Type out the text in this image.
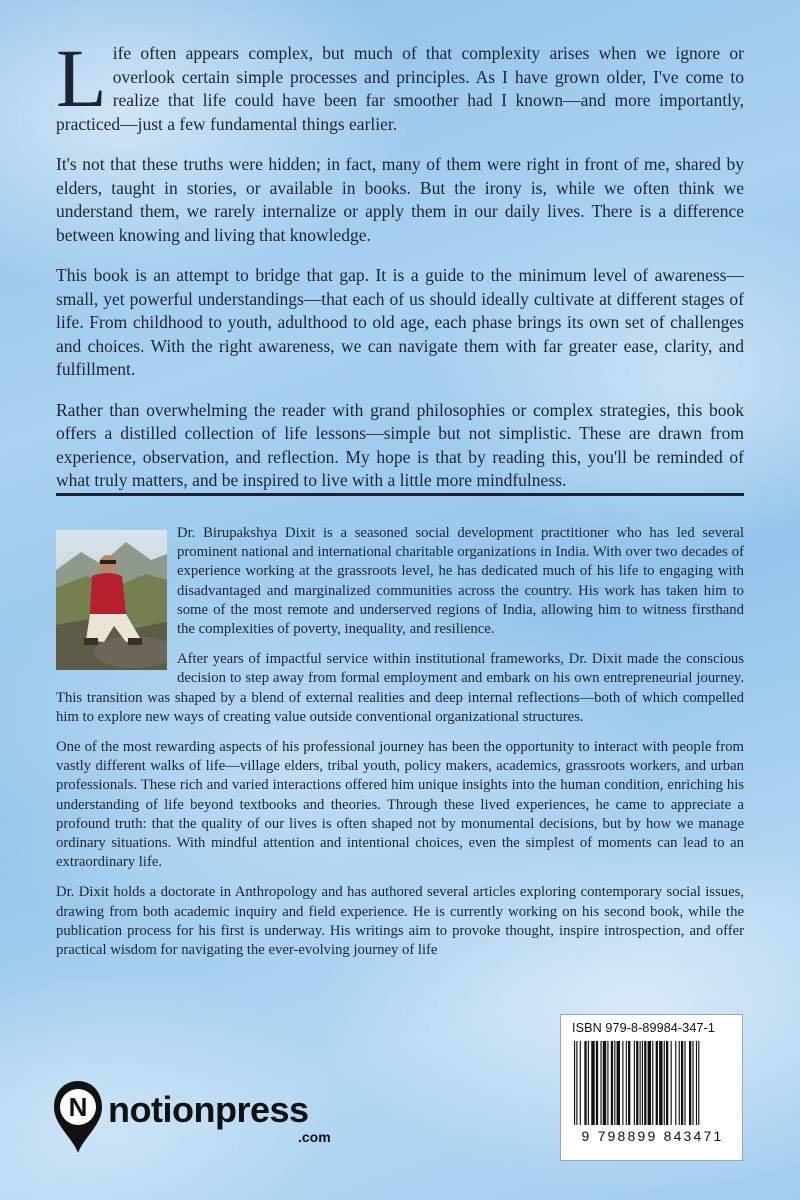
Life often appears complex, but much of that complexity arises when we ignore or overlook certain simple processes and principles. As I have grown older, I've come to realize that life could have been far smoother had I known—and more importantly, practiced—just a few fundamental things earlier.

It's not that these truths were hidden; in fact, many of them were right in front of me, shared by elders, taught in stories, or available in books. But the irony is, while we often think we understand them, we rarely internalize or apply them in our daily lives. There is a difference between knowing and living that knowledge.

This book is an attempt to bridge that gap. It is a guide to the minimum level of awareness—small, yet powerful understandings—that each of us should ideally cultivate at different stages of life. From childhood to youth, adulthood to old age, each phase brings its own set of challenges and choices. With the right awareness, we can navigate them with far greater ease, clarity, and fulfillment.

Rather than overwhelming the reader with grand philosophies or complex strategies, this book offers a distilled collection of life lessons—simple but not simplistic. These are drawn from experience, observation, and reflection. My hope is that by reading this, you'll be reminded of what truly matters, and be inspired to live with a little more mindfulness.

Dr. Birupakshya Dixit is a seasoned social development practitioner who has led several prominent national and international charitable organizations in India. With over two decades of experience working at the grassroots level, he has dedicated much of his life to engaging with disadvantaged and marginalized communities across the country. His work has taken him to some of the most remote and underserved regions of India, allowing him to witness firsthand the complexities of poverty, inequality, and resilience.

After years of impactful service within institutional frameworks, Dr. Dixit made the conscious decision to step away from formal employment and embark on his own entrepreneurial journey. This transition was shaped by a blend of external realities and deep internal reflections—both of which compelled him to explore new ways of creating value outside conventional organizational structures.

One of the most rewarding aspects of his professional journey has been the opportunity to interact with people from vastly different walks of life—village elders, tribal youth, policy makers, academics, grassroots workers, and urban professionals. These rich and varied interactions offered him unique insights into the human condition, enriching his understanding of life beyond textbooks and theories. Through these lived experiences, he came to appreciate a profound truth: that the quality of our lives is often shaped not by monumental decisions, but by how we manage ordinary situations. With mindful attention and intentional choices, even the simplest of moments can lead to an extraordinary life.

Dr. Dixit holds a doctorate in Anthropology and has authored several articles exploring contemporary social issues, drawing from both academic inquiry and field experience. He is currently working on his second book, while the publication process for his first is underway. His writings aim to provoke thought, inspire introspection, and offer practical wisdom for navigating the ever-evolving journey of life

N notionpress
.com
ISBN 979-8-89984-347-1
9 798899 843471
